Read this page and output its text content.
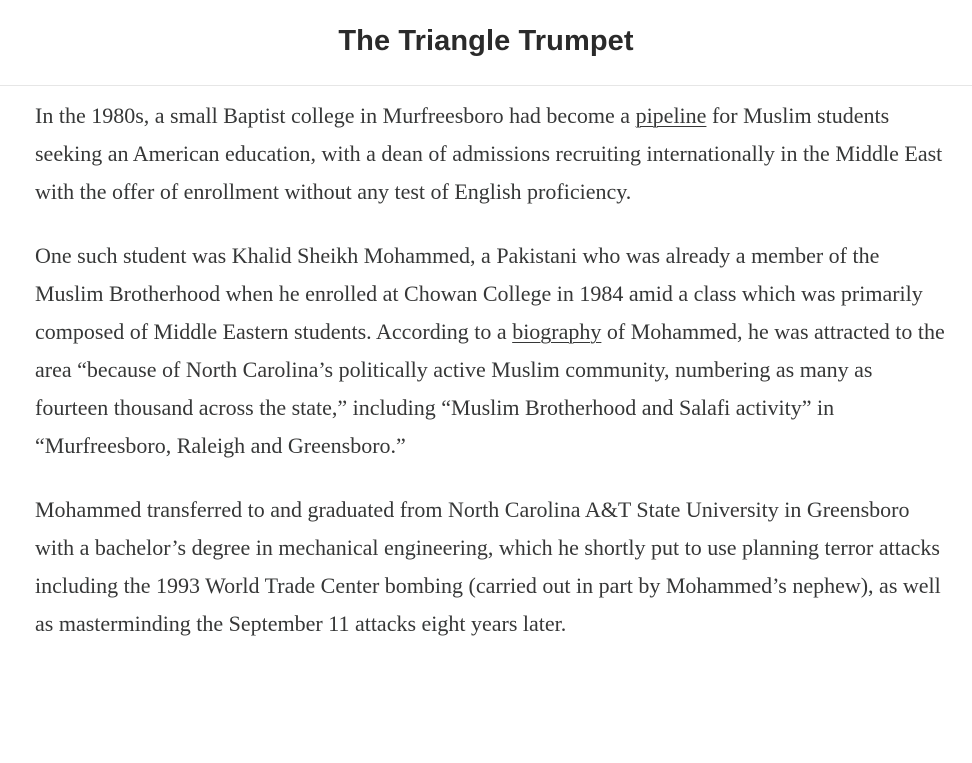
The Triangle Trumpet

In the 1980s, a small Baptist college in Murfreesboro had become a pipeline for Muslim students seeking an American education, with a dean of admissions recruiting internationally in the Middle East with the offer of enrollment without any test of English proficiency.

One such student was Khalid Sheikh Mohammed, a Pakistani who was already a member of the Muslim Brotherhood when he enrolled at Chowan College in 1984 amid a class which was primarily composed of Middle Eastern students. According to a biography of Mohammed, he was attracted to the area “because of North Carolina’s politically active Muslim community, numbering as many as fourteen thousand across the state,” including “Muslim Brotherhood and Salafi activity” in “Murfreesboro, Raleigh and Greensboro.”

Mohammed transferred to and graduated from North Carolina A&T State University in Greensboro with a bachelor’s degree in mechanical engineering, which he shortly put to use planning terror attacks including the 1993 World Trade Center bombing (carried out in part by Mohammed’s nephew), as well as masterminding the September 11 attacks eight years later.
